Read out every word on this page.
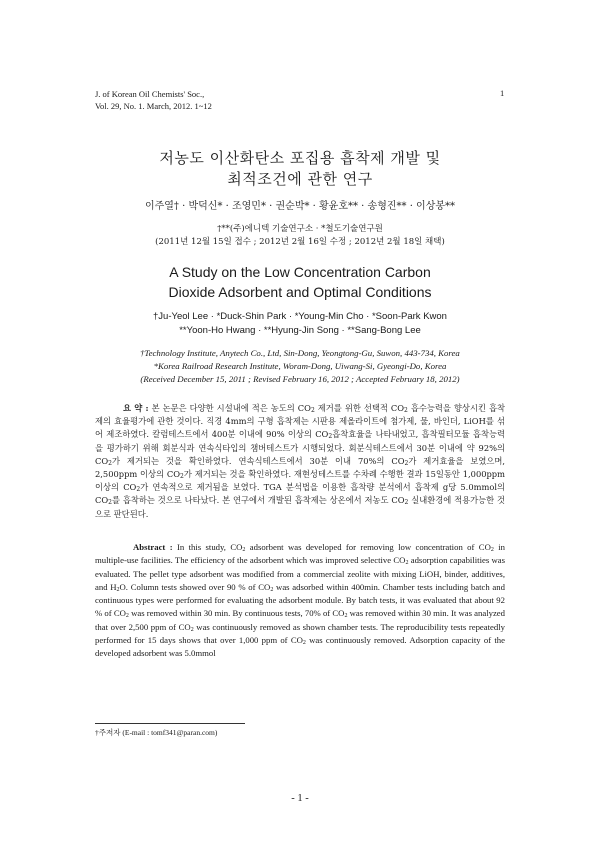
J. of Korean Oil Chemists' Soc.,
Vol. 29, No. 1. March, 2012. 1~12
1
저농도 이산화탄소 포집용 흡착제 개발 및
최적조건에 관한 연구
이주열† · 박덕신* · 조영민* · 권순박* · 황윤호** · 송형진** · 이상봉**
†**(주)에니텍 기술연구소 · *철도기술연구원
(2011년 12월 15일 접수 ; 2012년 2월 16일 수정 ; 2012년 2월 18일 채택)
A Study on the Low Concentration Carbon
Dioxide Adsorbent and Optimal Conditions
†Ju-Yeol Lee · *Duck-Shin Park · *Young-Min Cho · *Soon-Park Kwon
**Yoon-Ho Hwang · **Hyung-Jin Song · **Sang-Bong Lee
†Technology Institute, Anytech Co., Ltd, Sin-Dong, Yeongtong-Gu, Suwon, 443-734, Korea
*Korea Railroad Research Institute, Woram-Dong, Uiwang-Si, Gyeongi-Do, Korea
(Received December 15, 2011 ; Revised February 16, 2012 ; Accepted February 18, 2012)
요 약 : 본 논문은 다양한 시설내에 적은 농도의 $CO_2$ 제거를 위한 선택적 $CO_2$ 흡수능력을 향상시킨 흡착제의 효율평가에 관한 것이다. 직경 4mm의 구형 흡착제는 시판용 제올라이트에 첨가제, 물, 바인더, LiOH를 섞어 제조하였다. 칼럼테스트에서 400분 이내에 90% 이상의 $CO_2$흡착효율을 나타내었고, 흡착필터모듈 흡착능력을 평가하기 위해 회분식과 연속식타입의 챔버테스트가 시행되었다. 회분식테스트에서 30분 이내에 약 92%의 $CO_2$가 제거되는 것을 확인하였다. 연속식테스트에서 30분 이내 70%의 $CO_2$가 제거효율을 보였으며, 2,500ppm 이상의 $CO_2$가 제거되는 것을 확인하였다. 재현성테스트를 수차례 수행한 결과 15일동안 1,000ppm 이상의 $CO_2$가 연속적으로 제거됨을 보였다. TGA 분석법을 이용한 흡착량 분석에서 흡착제 g당 5.0mmol의 $CO_2$를 흡착하는 것으로 나타났다. 본 연구에서 개발된 흡착제는 상온에서 저농도 $CO_2$ 실내환경에 적용가능한 것으로 판단된다.
Abstract : In this study, $CO_2$ adsorbent was developed for removing low concentration of $CO_2$ in multiple-use facilities. The efficiency of the adsorbent which was improved selective $CO_2$ adsorption capabilities was evaluated. The pellet type adsorbent was modified from a commercial zeolite with mixing LiOH, binder, additives, and $H_2O$. Column tests showed over 90 % of $CO_2$ was adsorbed within 400min. Chamber tests including batch and continuous types were performed for evaluating the adsorbent module. By batch tests, it was evaluated that about 92 % of $CO_2$ was removed within 30 min. By continuous tests, 70% of $CO_2$ was removed within 30 min. It was analyzed that over 2,500 ppm of $CO_2$ was continuously removed as shown chamber tests. The reproducibility tests repeatedly performed for 15 days shows that over 1,000 ppm of $CO_2$ was continuously removed. Adsorption capacity of the developed adsorbent was 5.0mmol
†주저자 (E-mail : tomf341@paran.com)
- 1 -
